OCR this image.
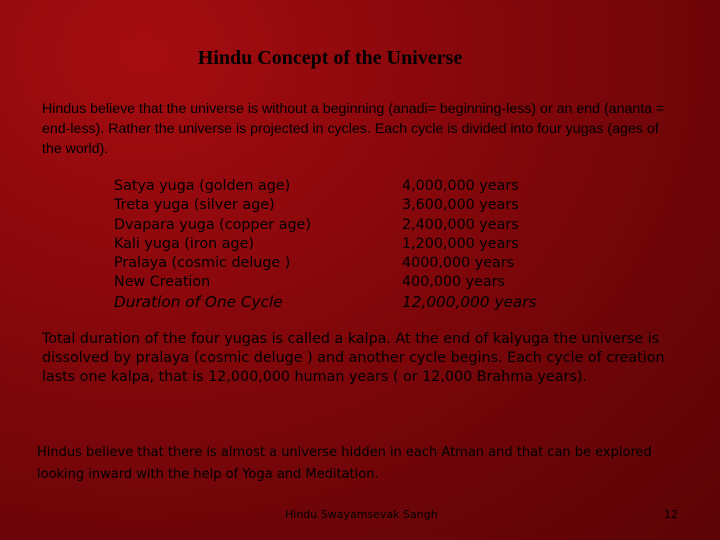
Hindu Concept of the Universe
Hindus believe that the universe is without a beginning (anadi= beginning-less) or an end (ananta = end-less). Rather the universe is projected in cycles. Each cycle is divided into four yugas (ages of the world).
Satya yuga (golden age)	4,000,000 years
Treta yuga (silver age)	3,600,000 years
Dvapara yuga (copper age)	2,400,000 years
Kali yuga (iron age)	1,200,000 years
Pralaya (cosmic deluge )	4000,000 years
New Creation	400,000 years
Duration of One Cycle	12,000,000 years
Total duration of the four yugas is called a kalpa. At the end of kalyuga the universe is dissolved by pralaya (cosmic deluge ) and another cycle begins. Each cycle of creation lasts one kalpa, that is 12,000,000 human years ( or 12,000 Brahma years).
Hindus believe that there is almost a universe hidden in each Atman and that can be explored looking inward with the help of Yoga and Meditation.
Hindu Swayamsevak Sangh	12
